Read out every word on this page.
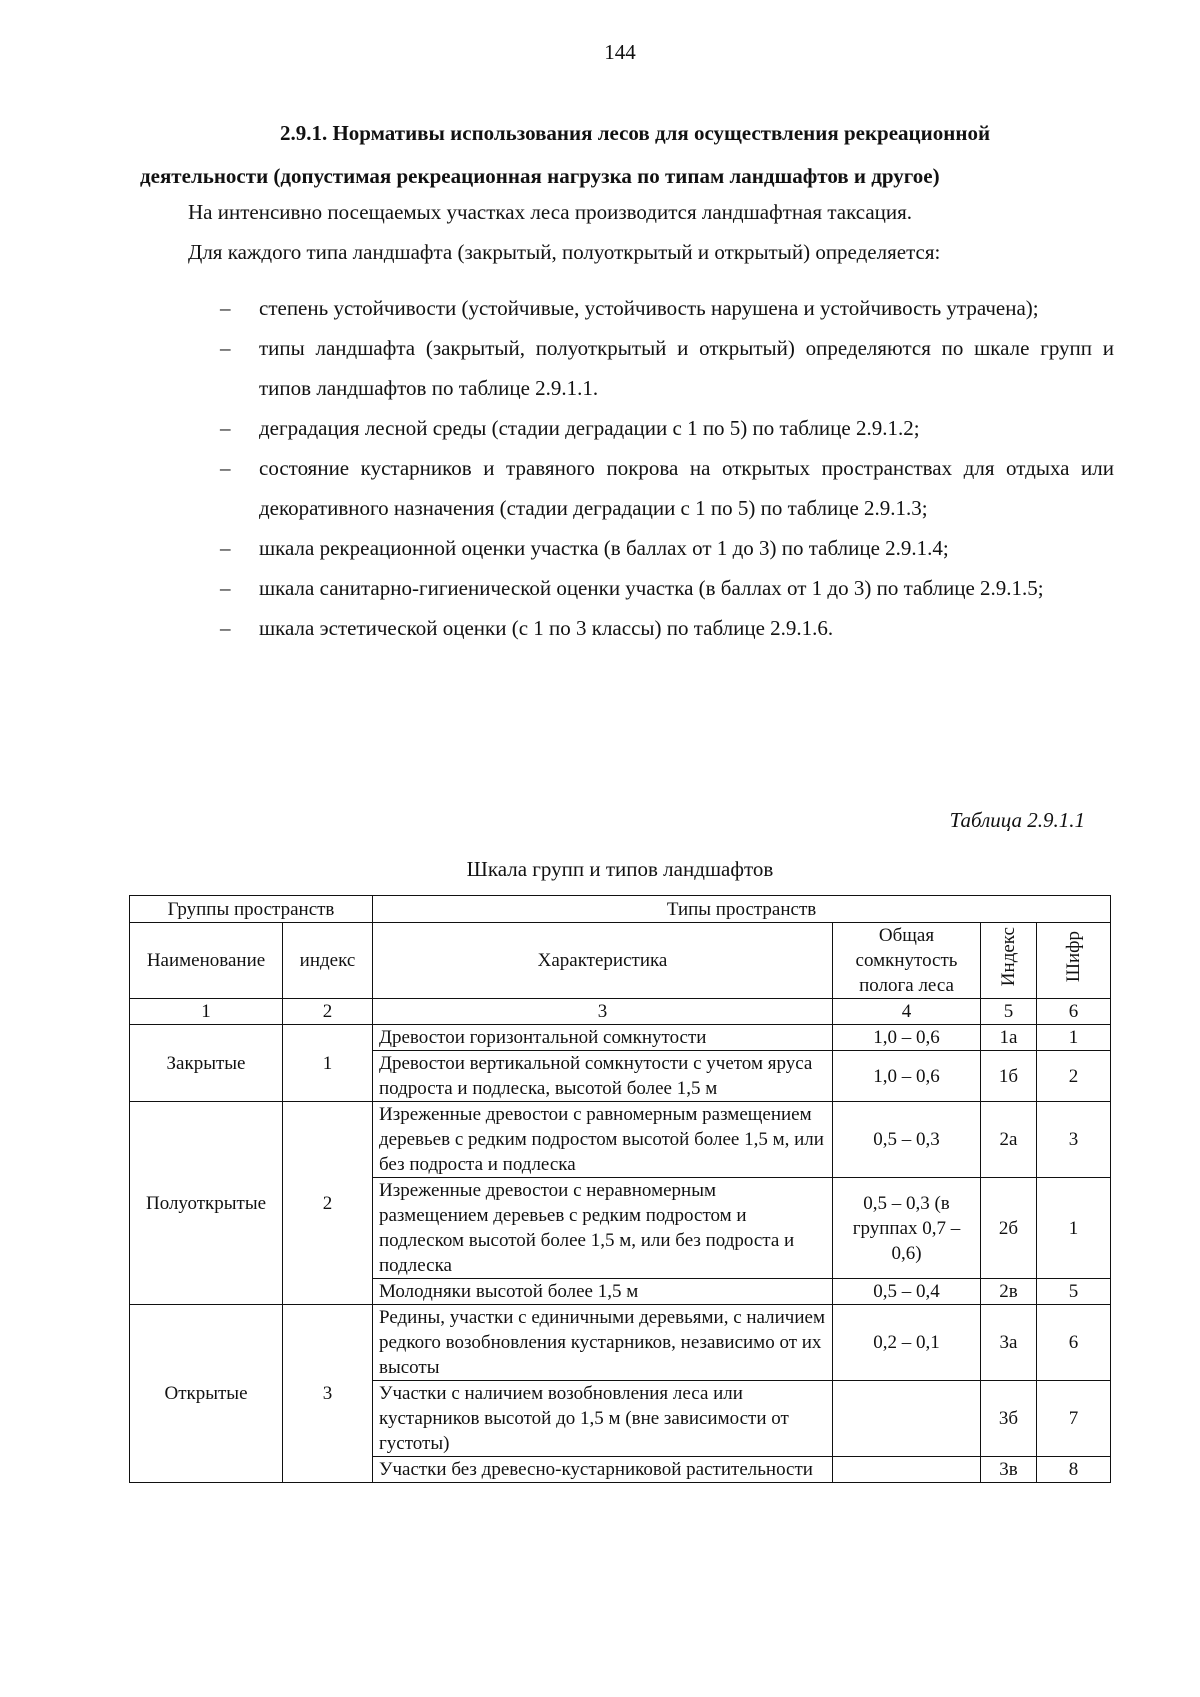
144
2.9.1. Нормативы использования лесов для осуществления рекреационной
деятельности (допустимая рекреационная нагрузка по типам ландшафтов и другое)
На интенсивно посещаемых участках леса производится ландшафтная таксация.
Для каждого типа ландшафта (закрытый, полуоткрытый и открытый) определяется:
– степень устойчивости (устойчивые, устойчивость нарушена и устойчивость утрачена);
– типы ландшафта (закрытый, полуоткрытый и открытый) определяются по шкале групп и типов ландшафтов по таблице 2.9.1.1.
– деградация лесной среды (стадии деградации с 1 по 5) по таблице 2.9.1.2;
– состояние кустарников и травяного покрова на открытых пространствах для отдыха или декоративного назначения (стадии деградации с 1 по 5) по таблице 2.9.1.3;
– шкала рекреационной оценки участка (в баллах от 1 до 3) по таблице 2.9.1.4;
– шкала санитарно-гигиенической оценки участка (в баллах от 1 до 3) по таблице 2.9.1.5;
– шкала эстетической оценки (с 1 по 3 классы) по таблице 2.9.1.6.
Таблица 2.9.1.1
Шкала групп и типов ландшафтов
Группы пространств		Типы пространств			
Наименование	индекс	Характеристика	Общая сомкнутость полога леса	Индекс	Шифр
1	2	3	4	5	6
Закрытые	1	Древостои горизонтальной сомкнутости	1,0 – 0,6	1а	1
		Древостои вертикальной сомкнутости с учетом яруса подроста и подлеска, высотой более 1,5 м	1,0 – 0,6	1б	2
Полуоткрытые	2	Изреженные древостои с равномерным размещением деревьев с редким подростом высотой более 1,5 м, или без подроста и подлеска	0,5 – 0,3	2а	3
		Изреженные древостои с неравномерным размещением деревьев с редким подростом и подлеском высотой более 1,5 м, или без подроста и подлеска	0,5 – 0,3 (в группах 0,7 – 0,6)	2б	1
		Молодняки высотой более 1,5 м	0,5 – 0,4	2в	5
Открытые	3	Редины, участки с единичными деревьями, с наличием редкого возобновления кустарников, независимо от их высоты	0,2 – 0,1	3а	6
		Участки с наличием возобновления леса или кустарников высотой до 1,5 м (вне зависимости от густоты)		3б	7
		Участки без древесно-кустарниковой растительности		3в	8
